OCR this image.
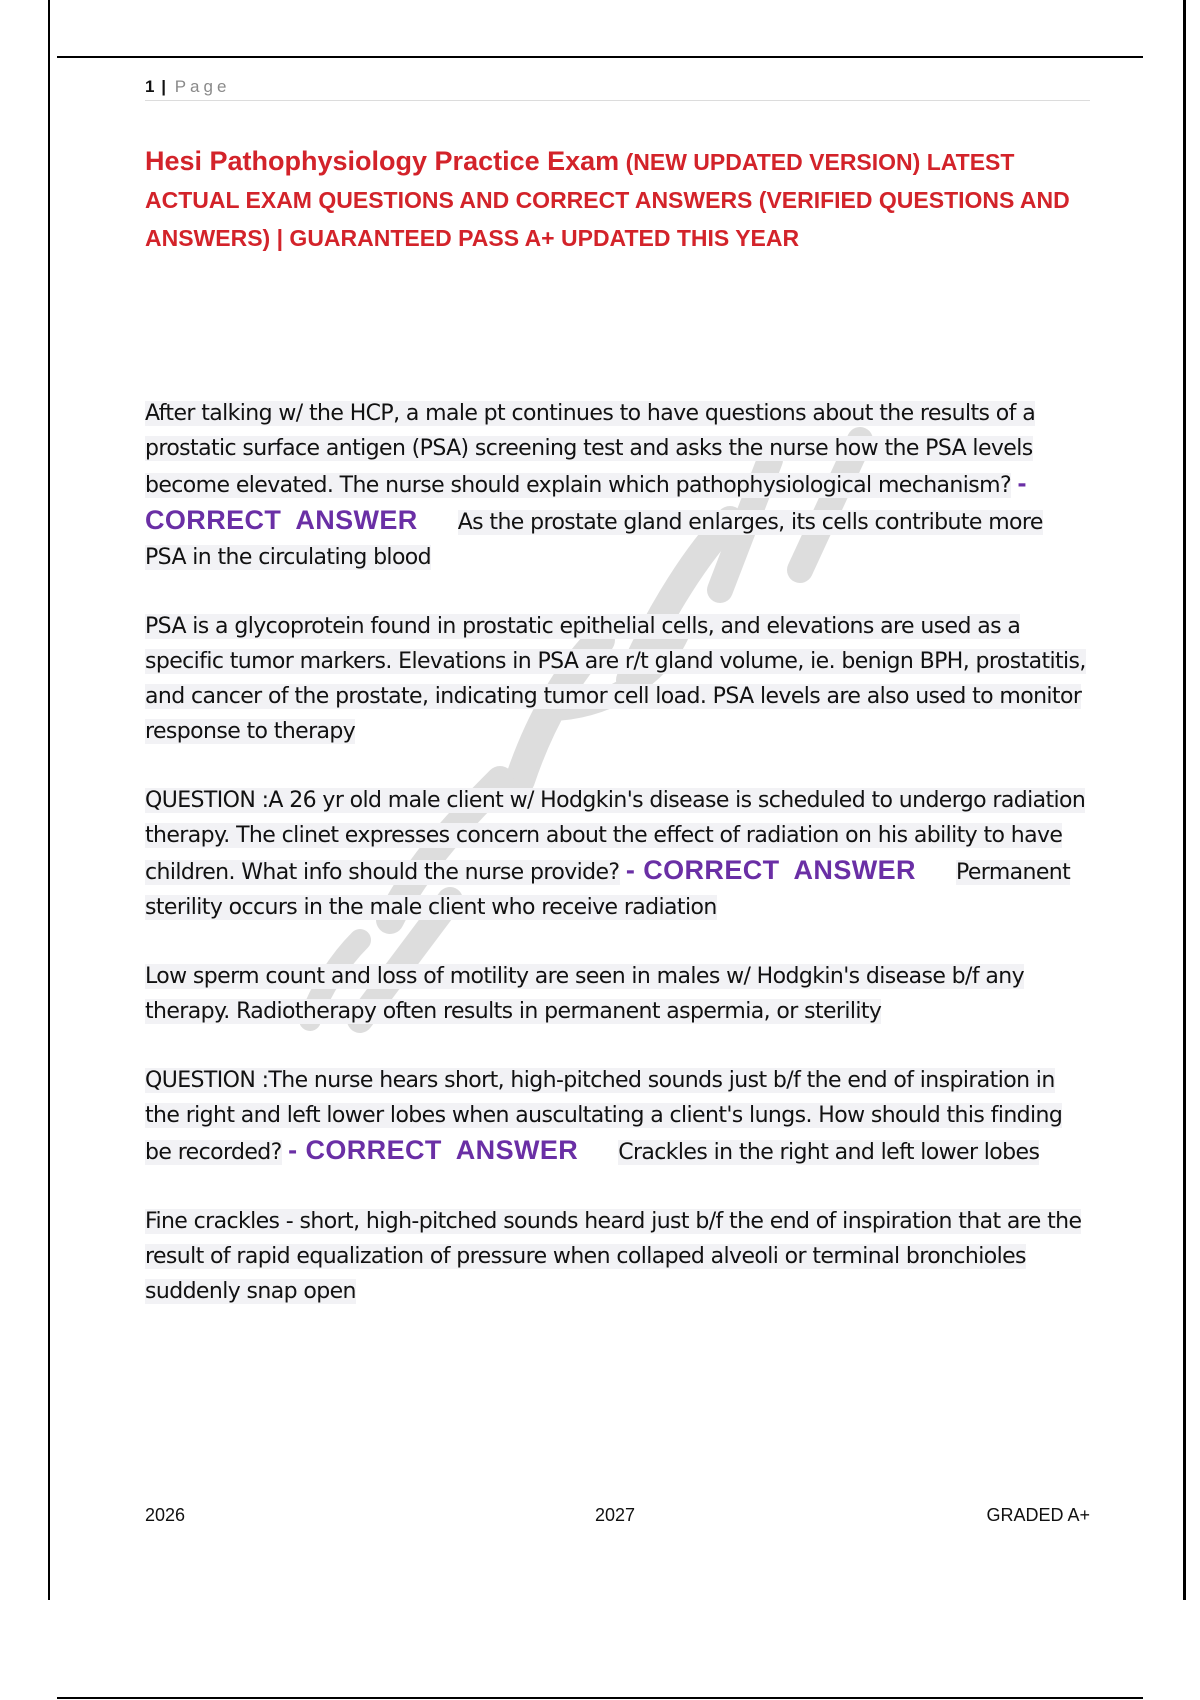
1 | Page
Hesi Pathophysiology Practice Exam (NEW UPDATED VERSION) LATEST ACTUAL EXAM QUESTIONS AND CORRECT ANSWERS (VERIFIED QUESTIONS AND ANSWERS) | GUARANTEED PASS A+ UPDATED THIS YEAR
After talking w/ the HCP, a male pt continues to have questions about the results of a prostatic surface antigen (PSA) screening test and asks the nurse how the PSA levels become elevated. The nurse should explain which pathophysiological mechanism? - CORRECT ANSWER As the prostate gland enlarges, its cells contribute more PSA in the circulating blood
PSA is a glycoprotein found in prostatic epithelial cells, and elevations are used as a specific tumor markers. Elevations in PSA are r/t gland volume, ie. benign BPH, prostatitis, and cancer of the prostate, indicating tumor cell load. PSA levels are also used to monitor response to therapy
QUESTION :A 26 yr old male client w/ Hodgkin's disease is scheduled to undergo radiation therapy. The clinet expresses concern about the effect of radiation on his ability to have children. What info should the nurse provide? - CORRECT ANSWER Permanent sterility occurs in the male client who receive radiation
Low sperm count and loss of motility are seen in males w/ Hodgkin's disease b/f any therapy. Radiotherapy often results in permanent aspermia, or sterility
QUESTION :The nurse hears short, high-pitched sounds just b/f the end of inspiration in the right and left lower lobes when auscultating a client's lungs. How should this finding be recorded? - CORRECT ANSWER Crackles in the right and left lower lobes
Fine crackles - short, high-pitched sounds heard just b/f the end of inspiration that are the result of rapid equalization of pressure when collaped alveoli or terminal bronchioles suddenly snap open
2026	2027	GRADED A+
